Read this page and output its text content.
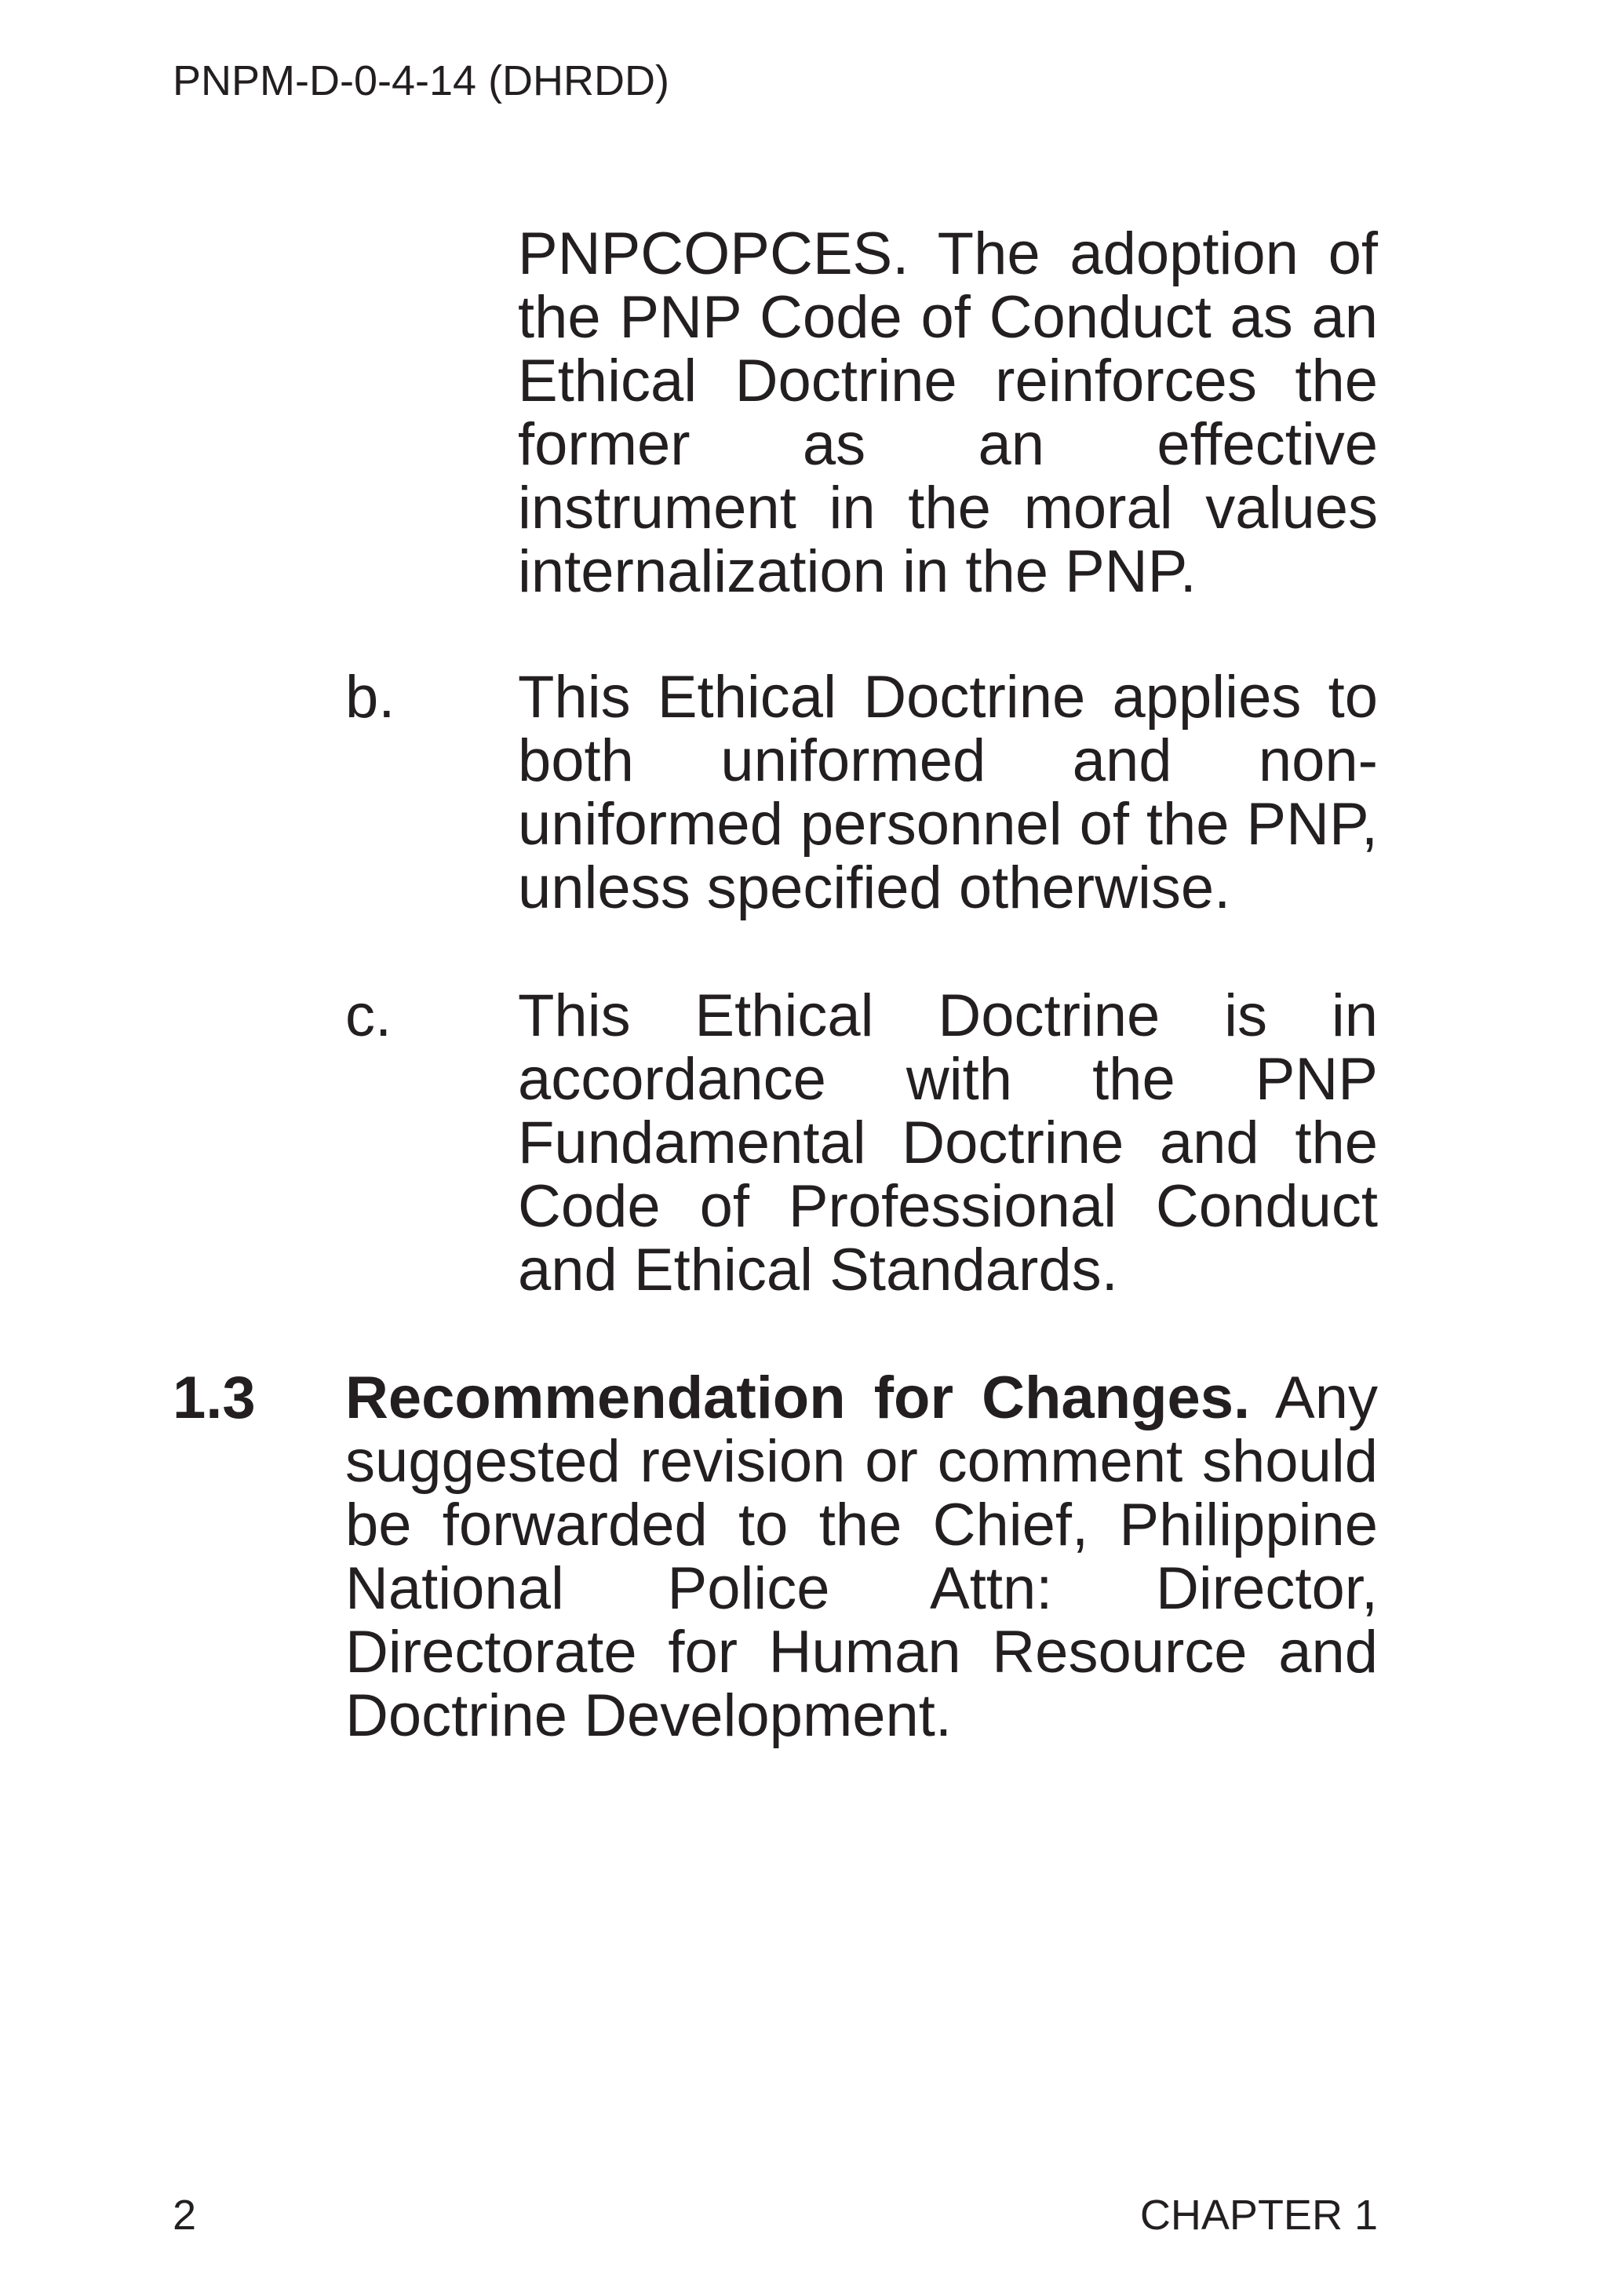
PNPM-D-0-4-14 (DHRDD)
PNPCOPCES. The adoption of the PNP Code of Conduct as an Ethical Doctrine reinforces the former as an effective instrument in the moral values internalization in the PNP.
b. This Ethical Doctrine applies to both uniformed and non-uniformed personnel of the PNP, unless specified otherwise.
c. This Ethical Doctrine is in accordance with the PNP Fundamental Doctrine and the Code of Professional Conduct and Ethical Standards.
1.3 Recommendation for Changes. Any suggested revision or comment should be forwarded to the Chief, Philippine National Police Attn: Director, Directorate for Human Resource and Doctrine Development.
2	CHAPTER 1
